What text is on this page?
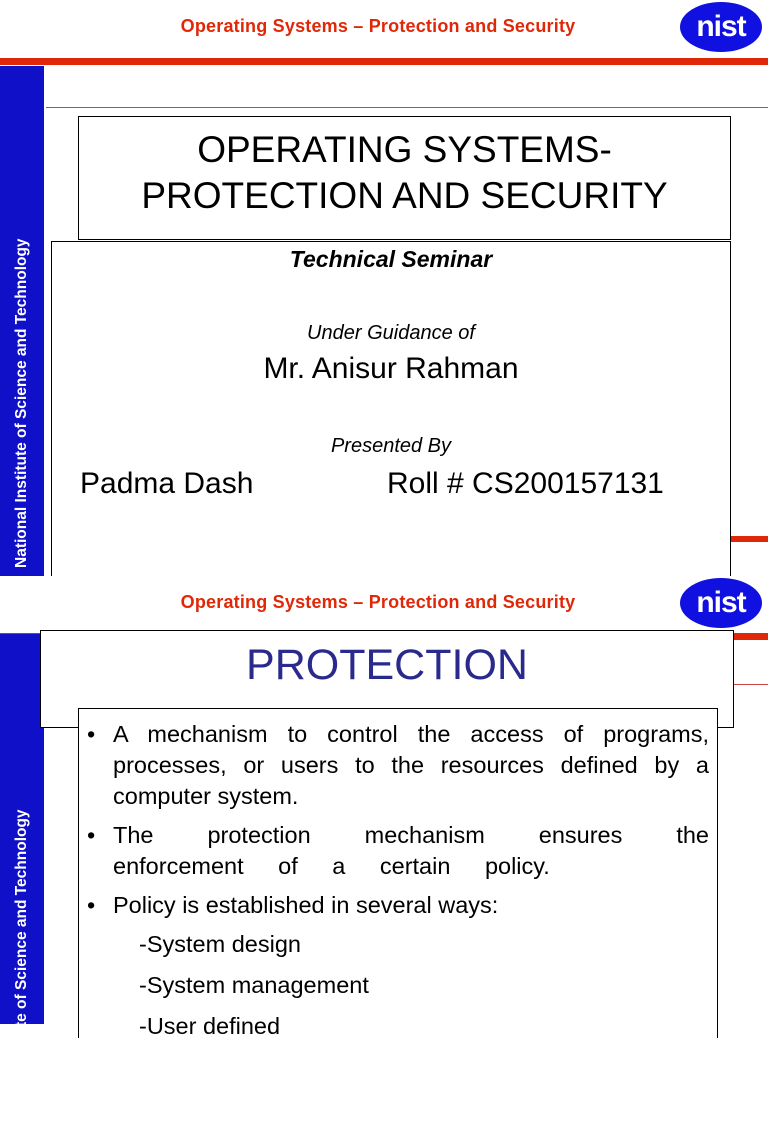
Operating Systems – Protection and Security	nist
National Institute of Science and Technology	Technical Seminar
Under Guidance of
Mr. Anisur Rahman
Presented By
Padma Dash	Roll # CS200157131
OPERATING SYSTEMS-
PROTECTION AND SECURITY
Operating Systems – Protection and Security	nist
National Institute of Science and Technology
PROTECTION
• A mechanism to control the access of programs, processes, or users to the resources defined by a computer system.
• The protection mechanism ensures the enforcement of a certain policy.
• Policy is established in several ways:
-System design
-System management
-User defined
